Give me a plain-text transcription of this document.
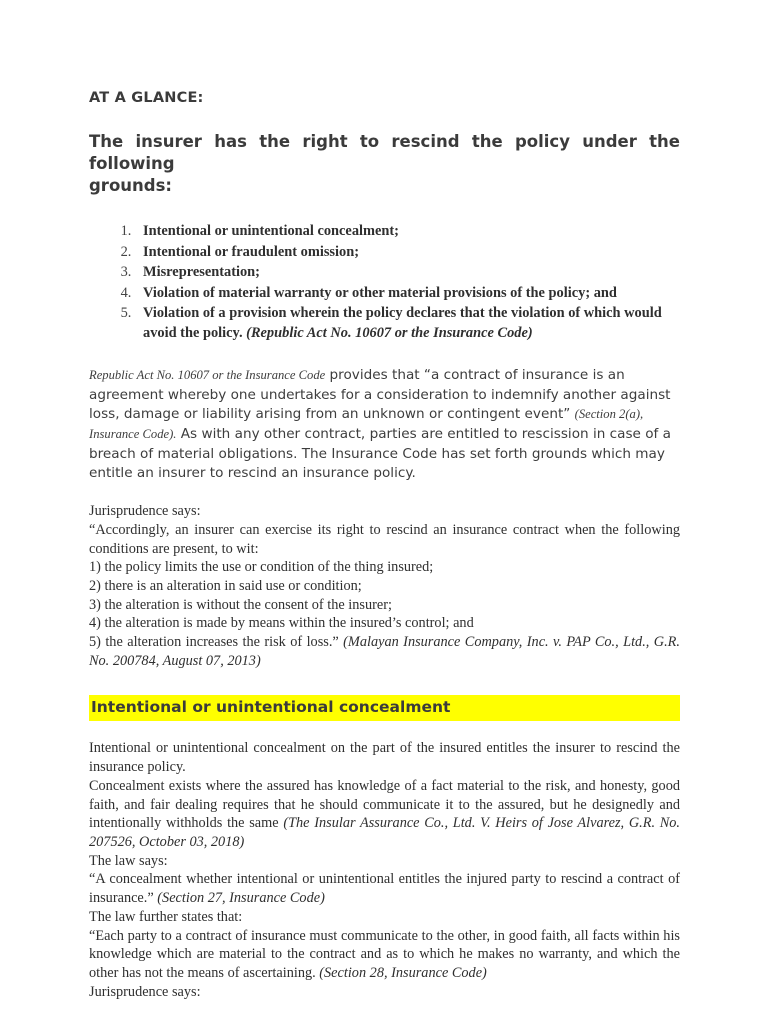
AT A GLANCE:
The insurer has the right to rescind the policy under the following
grounds:
1. Intentional or unintentional concealment;
2. Intentional or fraudulent omission;
3. Misrepresentation;
4. Violation of material warranty or other material provisions of the policy; and
5. Violation of a provision wherein the policy declares that the violation of which would avoid the policy. (Republic Act No. 10607 or the Insurance Code)

Republic Act No. 10607 or the Insurance Code provides that “a contract of insurance is an agreement whereby one undertakes for a consideration to indemnify another against loss, damage or liability arising from an unknown or contingent event” (Section 2(a), Insurance Code). As with any other contract, parties are entitled to rescission in case of a breach of material obligations. The Insurance Code has set forth grounds which may entitle an insurer to rescind an insurance policy.

Jurisprudence says:

“Accordingly, an insurer can exercise its right to rescind an insurance contract when the following conditions are present, to wit:

1) the policy limits the use or condition of the thing insured;

2) there is an alteration in said use or condition;

3) the alteration is without the consent of the insurer;

4) the alteration is made by means within the insured’s control; and

5) the alteration increases the risk of loss.” (Malayan Insurance Company, Inc. v. PAP Co., Ltd., G.R. No. 200784, August 07, 2013)

Intentional or unintentional concealment

Intentional or unintentional concealment on the part of the insured entitles the insurer to rescind the insurance policy.

Concealment exists where the assured has knowledge of a fact material to the risk, and honesty, good faith, and fair dealing requires that he should communicate it to the assured, but he designedly and intentionally withholds the same (The Insular Assurance Co., Ltd. V. Heirs of Jose Alvarez, G.R. No. 207526, October 03, 2018)

The law says:

“A concealment whether intentional or unintentional entitles the injured party to rescind a contract of insurance.” (Section 27, Insurance Code)

The law further states that:

“Each party to a contract of insurance must communicate to the other, in good faith, all facts within his knowledge which are material to the contract and as to which he makes no warranty, and which the other has not the means of ascertaining. (Section 28, Insurance Code)

Jurisprudence says:
